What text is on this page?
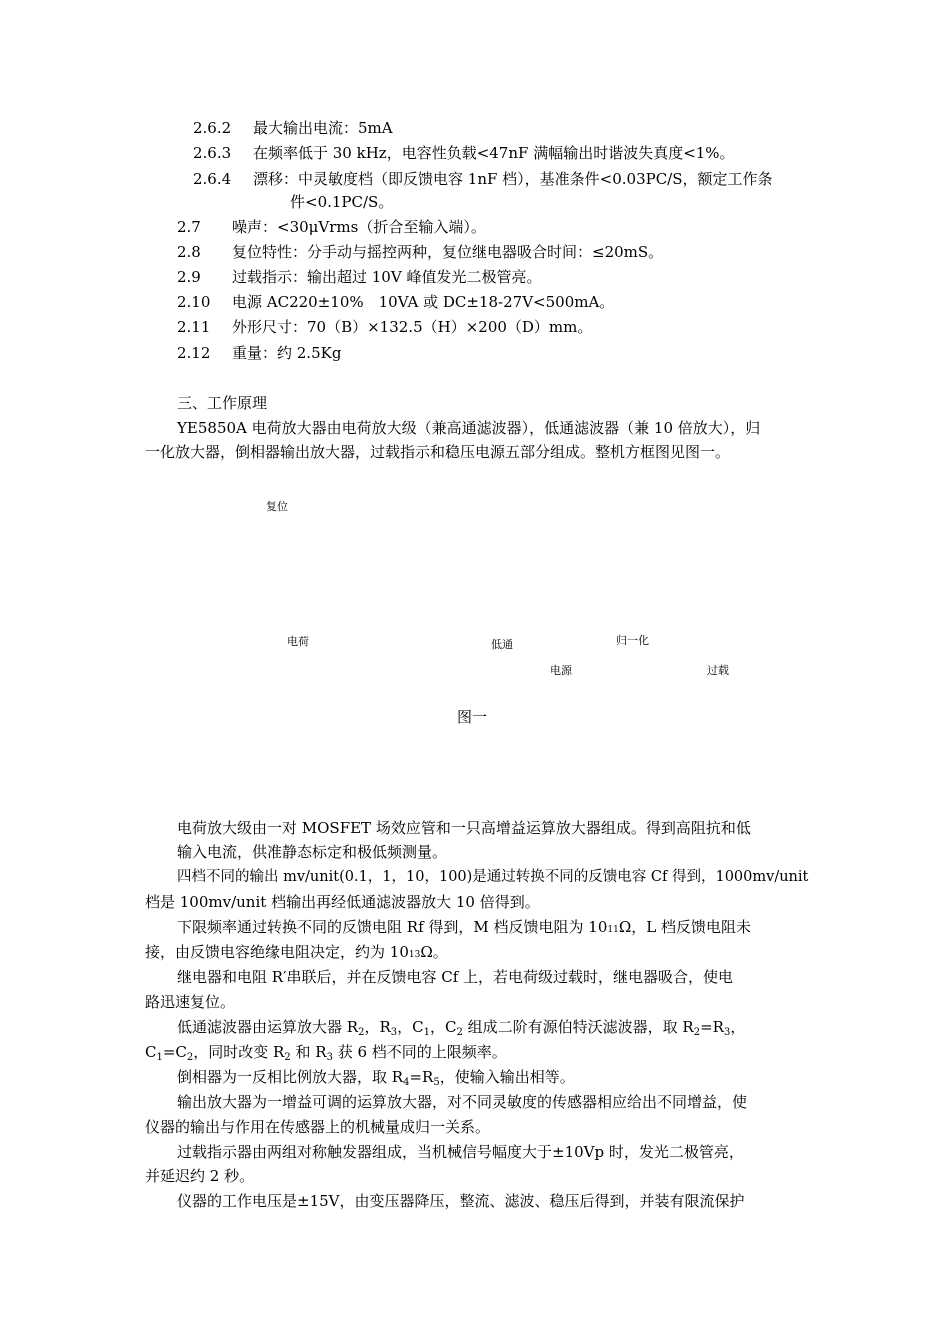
2.6.2 最大输出电流：5mA
2.6.3 在频率低于 30 kHz，电容性负载<47nF 满幅输出时谐波失真度<1%。
2.6.4 漂移：中灵敏度档（即反馈电容 1nF 档），基准条件<0.03PC/S，额定工作条
件<0.1PC/S。
2.7 噪声：<30μVrms（折合至输入端）。
2.8 复位特性：分手动与摇控两种，复位继电器吸合时间：≤20mS。
2.9 过载指示：输出超过 10V 峰值发光二极管亮。
2.10 电源 AC220±10%　10VA 或 DC±18-27V<500mA。
2.11 外形尺寸：70（B）×132.5（H）×200（D）mm。
2.12 重量：约 2.5Kg
三、工作原理
YE5850A 电荷放大器由电荷放大级（兼高通滤波器），低通滤波器（兼 10 倍放大），归
一化放大器，倒相器输出放大器，过载指示和稳压电源五部分组成。整机方框图见图一。
复位
电荷	低通	归一化
电源	过载
图一
电荷放大级由一对 MOSFET 场效应管和一只高增益运算放大器组成。得到高阻抗和低
输入电流，供准静态标定和极低频测量。
四档不同的输出 mv/unit(0.1，1，10，100)是通过转换不同的反馈电容 Cf 得到，1000mv/unit
档是 100mv/unit 档输出再经低通滤波器放大 10 倍得到。
下限频率通过转换不同的反馈电阻 Rf 得到，M 档反馈电阻为 1011Ω，L 档反馈电阻未
接，由反馈电容绝缘电阻决定，约为 1013Ω。
继电器和电阻 R′串联后，并在反馈电容 Cf 上，若电荷级过载时，继电器吸合，使电
路迅速复位。
低通滤波器由运算放大器 $R_2$，$R_3$，$C_1$，$C_2$ 组成二阶有源伯特沃滤波器，取 $R_2=R_3$，
$C_1=C_2$，同时改变 $R_2$ 和 $R_3$ 获 6 档不同的上限频率。
倒相器为一反相比例放大器，取 $R_4=R_5$，使输入输出相等。
输出放大器为一增益可调的运算放大器，对不同灵敏度的传感器相应给出不同增益，使
仪器的输出与作用在传感器上的机械量成归一关系。
过载指示器由两组对称触发器组成，当机械信号幅度大于±10Vp 时，发光二极管亮，
并延迟约 2 秒。
仪器的工作电压是±15V，由变压器降压，整流、滤波、稳压后得到，并装有限流保护
